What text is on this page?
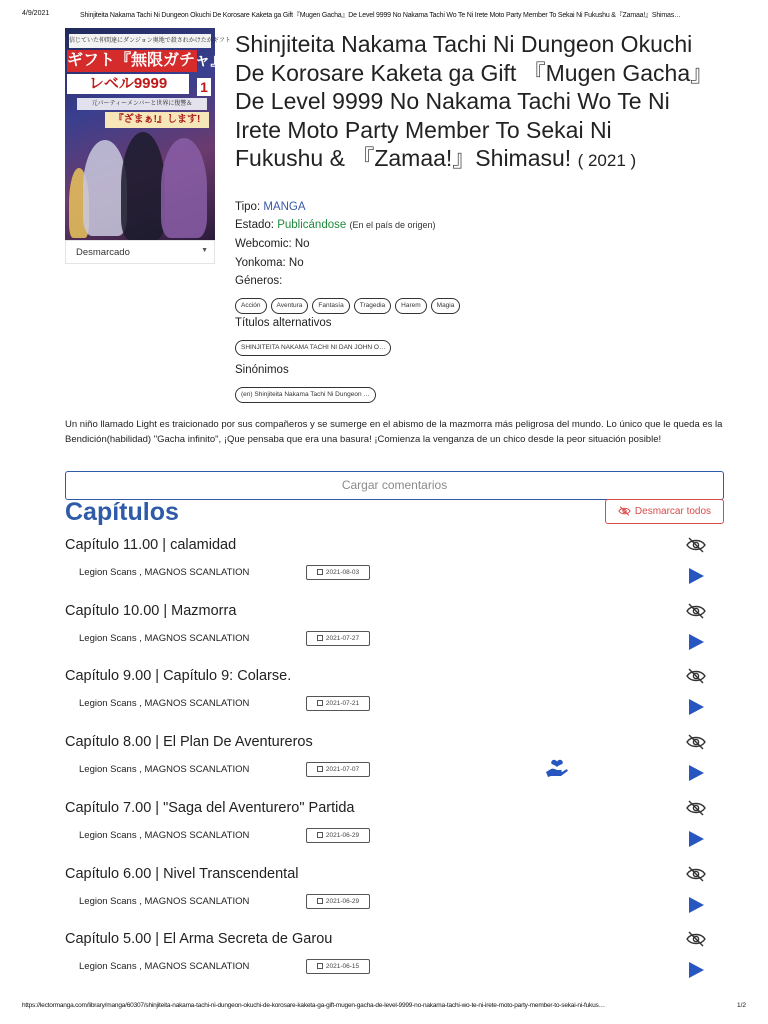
4/9/2021	Shinjiteita Nakama Tachi Ni Dungeon Okuchi De Korosare Kaketa ga Gift『Mugen Gacha』De Level 9999 No Nakama Tachi Wo Te Ni Irete Moto Party Member To Sekai Ni Fukushu &『Zamaa!』Shimas…
信じていた仲間達にダンジョン奥地で殺されかけたがギフト
ギフト『無限ガチャ』で
レベル9999	1
元パーティーメンバーと世界に復讐＆
『ざまぁ!』します!
Desmarcado	▼
Shinjiteita Nakama Tachi Ni Dungeon Okuchi De Korosare Kaketa ga Gift 『Mugen Gacha』De Level 9999 No Nakama Tachi Wo Te Ni Irete Moto Party Member To Sekai Ni Fukushu & 『Zamaa!』Shimasu! ( 2021 )
Tipo: MANGA
Estado: Publicándose (En el país de origen)
Webcomic: No
Yonkoma: No
Géneros:
Acción	Aventura	Fantasía	Tragedia	Harem	Magia
Títulos alternativos
SHINJITEITA NAKAMA TACHI NI DAN JOHN O…
Sinónimos
(en) Shinjiteita Nakama Tachi Ni Dungeon …

Un niño llamado Light es traicionado por sus compañeros y se sumerge en el abismo de la mazmorra más peligrosa del mundo. Lo único que le queda es la Bendición(habilidad) "Gacha infinito", ¡Que pensaba que era una basura! ¡Comienza la venganza de un chico desde la peor situación posible!

Cargar comentarios
Capítulos	Desmarcar todos
Capítulo 11.00 | calamidad
Legion Scans , MAGNOS SCANLATION	2021-08-03
Capítulo 10.00 | Mazmorra
Legion Scans , MAGNOS SCANLATION	2021-07-27
Capítulo 9.00 | Capítulo 9: Colarse.
Legion Scans , MAGNOS SCANLATION	2021-07-21
Capítulo 8.00 | El Plan De Aventureros
Legion Scans , MAGNOS SCANLATION	2021-07-07
Capítulo 7.00 | "Saga del Aventurero" Partida
Legion Scans , MAGNOS SCANLATION	2021-06-29
Capítulo 6.00 | Nivel Transcendental
Legion Scans , MAGNOS SCANLATION	2021-06-29
Capítulo 5.00 | El Arma Secreta de Garou
Legion Scans , MAGNOS SCANLATION	2021-06-15
https://lectormanga.com/library/manga/60307/shinjiteita-nakama-tachi-ni-dungeon-okuchi-de-korosare-kaketa-ga-gift-mugen-gacha-de-level-9999-no-nakama-tachi-wo-te-ni-irete-moto-party-member-to-sekai-ni-fukus…	1/2
